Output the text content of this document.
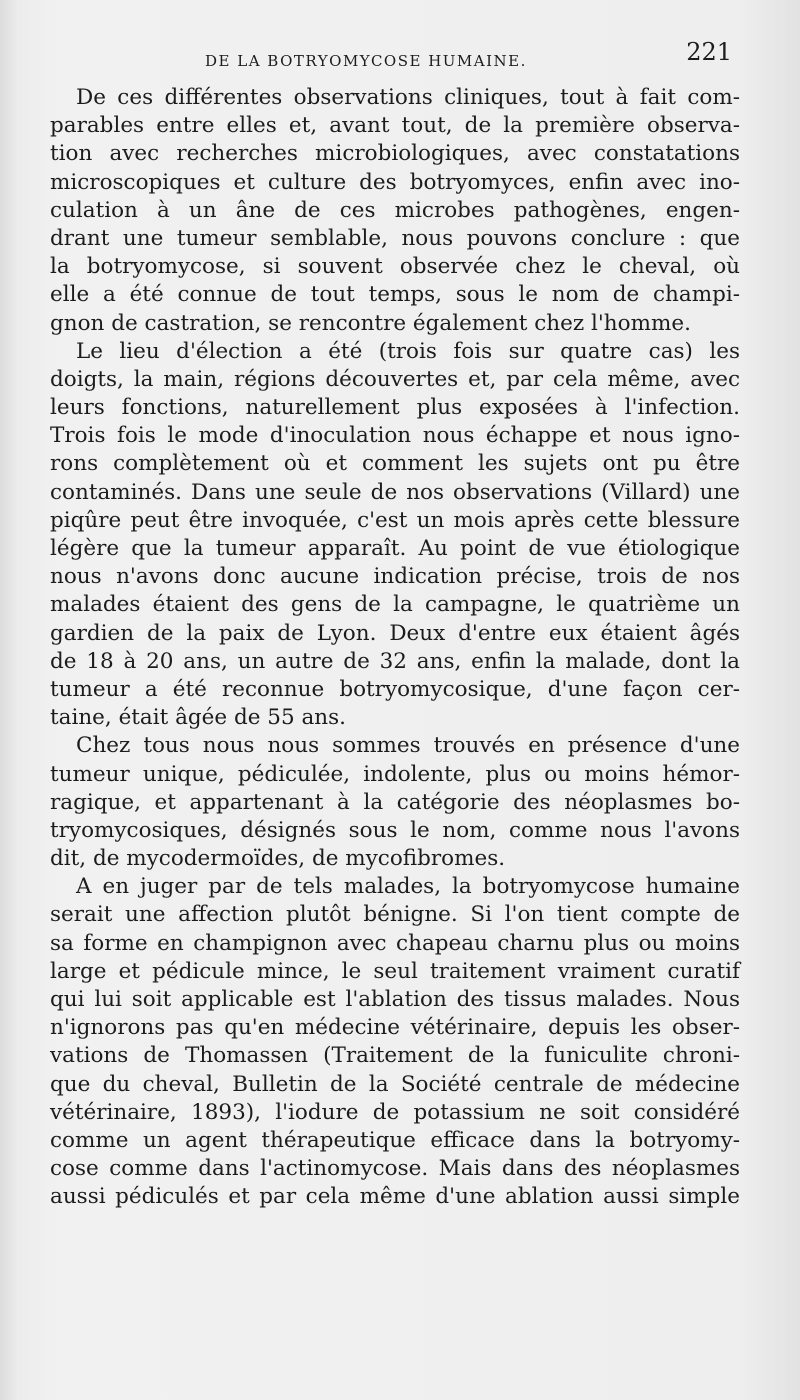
DE LA BOTRYOMYCOSE HUMAINE.	221
De ces différentes observations cliniques, tout à fait com-
parables entre elles et, avant tout, de la première observa-
tion avec recherches microbiologiques, avec constatations
microscopiques et culture des botryomyces, enfin avec ino-
culation à un âne de ces microbes pathogènes, engen-
drant une tumeur semblable, nous pouvons conclure : que
la botryomycose, si souvent observée chez le cheval, où
elle a été connue de tout temps, sous le nom de champi-
gnon de castration, se rencontre également chez l'homme.
Le lieu d'élection a été (trois fois sur quatre cas) les
doigts, la main, régions découvertes et, par cela même, avec
leurs fonctions, naturellement plus exposées à l'infection.
Trois fois le mode d'inoculation nous échappe et nous igno-
rons complètement où et comment les sujets ont pu être
contaminés. Dans une seule de nos observations (Villard) une
piqûre peut être invoquée, c'est un mois après cette blessure
légère que la tumeur apparaît. Au point de vue étiologique
nous n'avons donc aucune indication précise, trois de nos
malades étaient des gens de la campagne, le quatrième un
gardien de la paix de Lyon. Deux d'entre eux étaient âgés
de 18 à 20 ans, un autre de 32 ans, enfin la malade, dont la
tumeur a été reconnue botryomycosique, d'une façon cer-
taine, était âgée de 55 ans.
Chez tous nous nous sommes trouvés en présence d'une
tumeur unique, pédiculée, indolente, plus ou moins hémor-
ragique, et appartenant à la catégorie des néoplasmes bo-
tryomycosiques, désignés sous le nom, comme nous l'avons
dit, de mycodermoïdes, de mycofibromes.
A en juger par de tels malades, la botryomycose humaine
serait une affection plutôt bénigne. Si l'on tient compte de
sa forme en champignon avec chapeau charnu plus ou moins
large et pédicule mince, le seul traitement vraiment curatif
qui lui soit applicable est l'ablation des tissus malades. Nous
n'ignorons pas qu'en médecine vétérinaire, depuis les obser-
vations de Thomassen (Traitement de la funiculite chroni-
que du cheval, Bulletin de la Société centrale de médecine
vétérinaire, 1893), l'iodure de potassium ne soit considéré
comme un agent thérapeutique efficace dans la botryomy-
cose comme dans l'actinomycose. Mais dans des néoplasmes
aussi pédiculés et par cela même d'une ablation aussi simple
